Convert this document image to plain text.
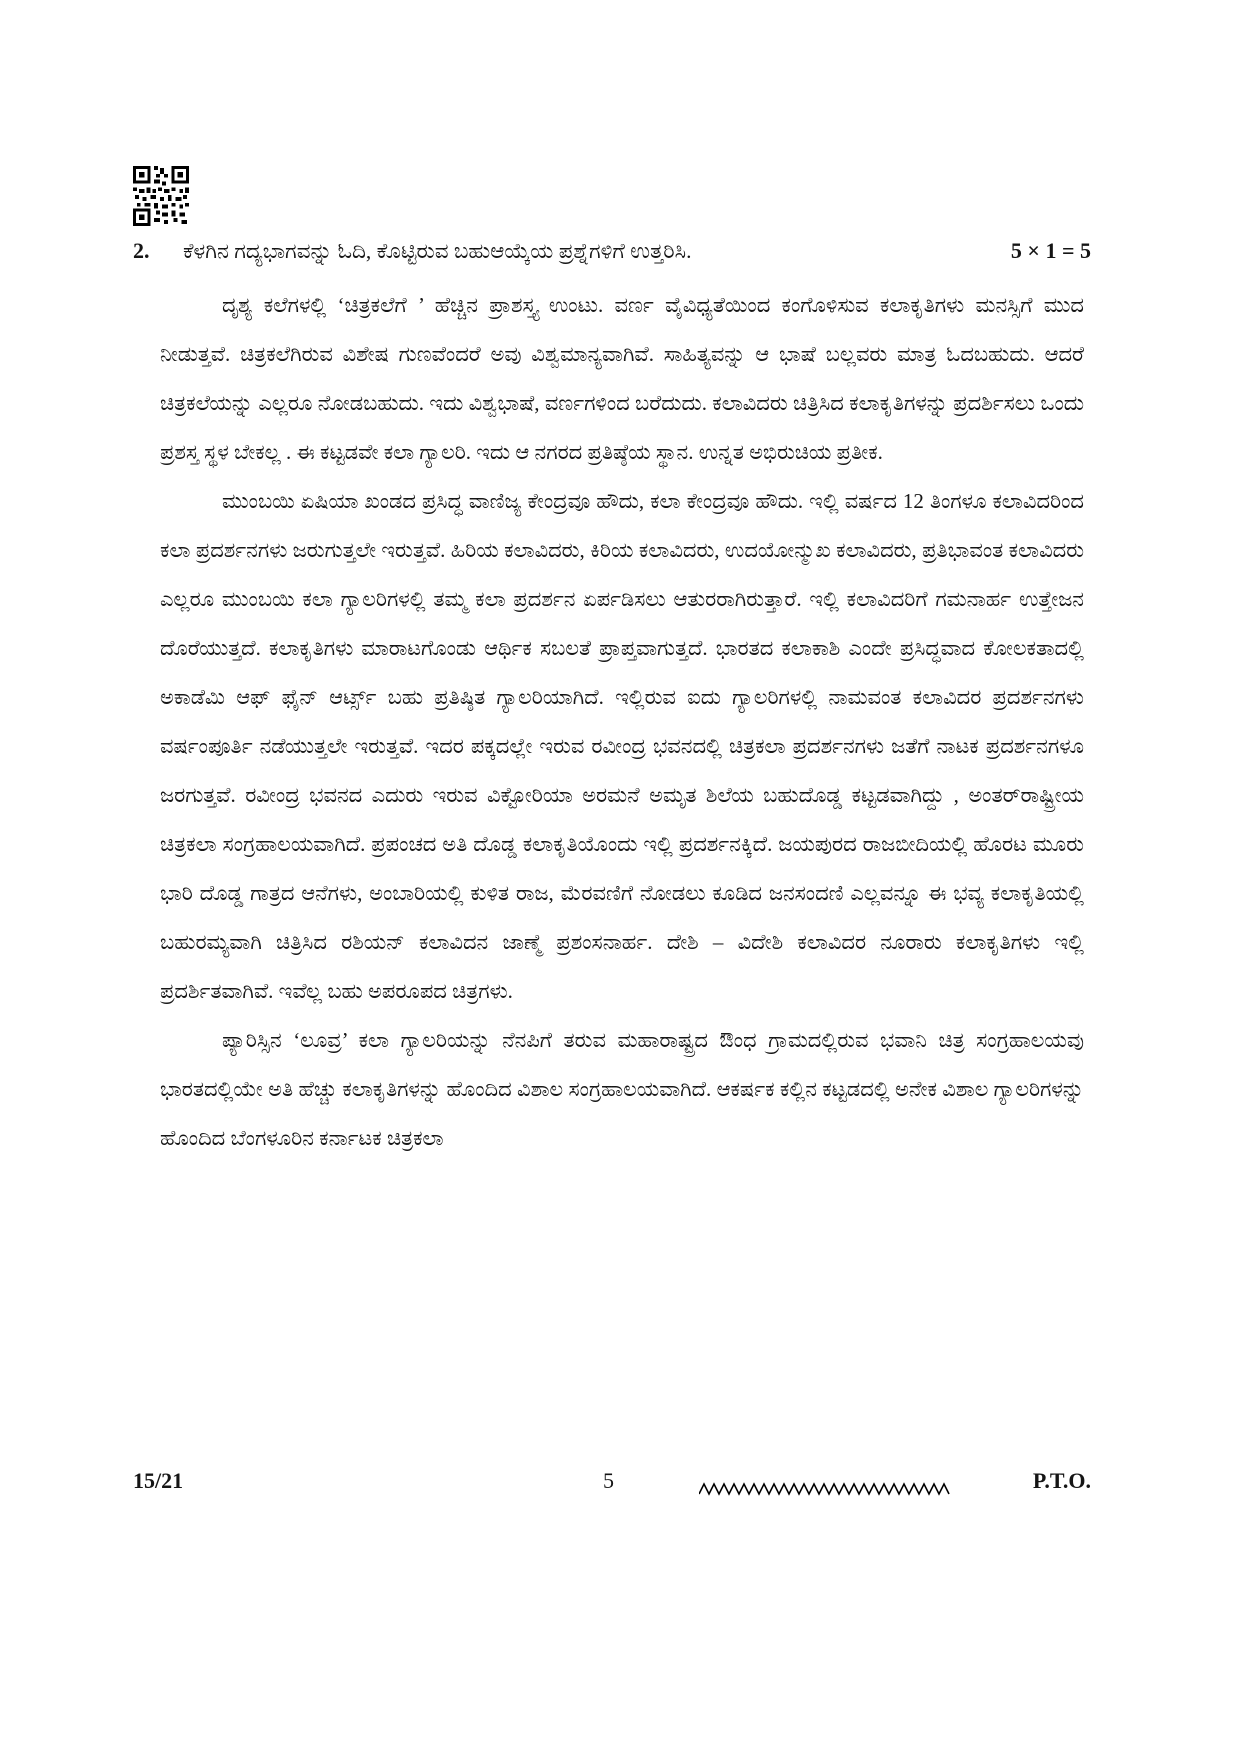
2.	ಕೆಳಗಿನ ಗದ್ಯಭಾಗವನ್ನು ಓದಿ, ಕೊಟ್ಟಿರುವ ಬಹುಆಯ್ಕೆಯ ಪ್ರಶ್ನೆಗಳಿಗೆ ಉತ್ತರಿಸಿ.	5 × 1 = 5

ದೃಶ್ಯ ಕಲೆಗಳಲ್ಲಿ ‘ಚಿತ್ರಕಲೆಗೆ ’ ಹೆಚ್ಚಿನ ಪ್ರಾಶಸ್ತ್ಯ ಉಂಟು. ವರ್ಣ ವೈವಿಧ್ಯತೆಯಿಂದ ಕಂಗೊಳಿಸುವ ಕಲಾಕೃತಿಗಳು ಮನಸ್ಸಿಗೆ ಮುದ ನೀಡುತ್ತವೆ. ಚಿತ್ರಕಲೆಗಿರುವ ವಿಶೇಷ ಗುಣವೆಂದರೆ ಅವು ವಿಶ್ವಮಾನ್ಯವಾಗಿವೆ. ಸಾಹಿತ್ಯವನ್ನು ಆ ಭಾಷೆ ಬಲ್ಲವರು ಮಾತ್ರ ಓದಬಹುದು. ಆದರೆ ಚಿತ್ರಕಲೆಯನ್ನು ಎಲ್ಲರೂ ನೋಡಬಹುದು. ಇದು ವಿಶ್ವಭಾಷೆ, ವರ್ಣಗಳಿಂದ ಬರೆದುದು. ಕಲಾವಿದರು ಚಿತ್ರಿಸಿದ ಕಲಾಕೃತಿಗಳನ್ನು ಪ್ರದರ್ಶಿಸಲು ಒಂದು ಪ್ರಶಸ್ತ ಸ್ಥಳ ಬೇಕಲ್ಲ . ಈ ಕಟ್ಟಡವೇ ಕಲಾ ಗ್ಯಾಲರಿ. ಇದು ಆ ನಗರದ ಪ್ರತಿಷ್ಠೆಯ ಸ್ಥಾನ. ಉನ್ನತ ಅಭಿರುಚಿಯ ಪ್ರತೀಕ.

ಮುಂಬಯಿ ಏಷಿಯಾ ಖಂಡದ ಪ್ರಸಿದ್ಧ ವಾಣಿಜ್ಯ ಕೇಂದ್ರವೂ ಹೌದು, ಕಲಾ ಕೇಂದ್ರವೂ ಹೌದು. ಇಲ್ಲಿ ವರ್ಷದ 12 ತಿಂಗಳೂ ಕಲಾವಿದರಿಂದ ಕಲಾ ಪ್ರದರ್ಶನಗಳು ಜರುಗುತ್ತಲೇ ಇರುತ್ತವೆ. ಹಿರಿಯ ಕಲಾವಿದರು, ಕಿರಿಯ ಕಲಾವಿದರು, ಉದಯೋನ್ಮುಖ ಕಲಾವಿದರು, ಪ್ರತಿಭಾವಂತ ಕಲಾವಿದರು ಎಲ್ಲರೂ ಮುಂಬಯಿ ಕಲಾ ಗ್ಯಾಲರಿಗಳಲ್ಲಿ ತಮ್ಮ ಕಲಾ ಪ್ರದರ್ಶನ ಏರ್ಪಡಿಸಲು ಆತುರರಾಗಿರುತ್ತಾರೆ. ಇಲ್ಲಿ ಕಲಾವಿದರಿಗೆ ಗಮನಾರ್ಹ ಉತ್ತೇಜನ ದೊರೆಯುತ್ತದೆ. ಕಲಾಕೃತಿಗಳು ಮಾರಾಟಗೊಂಡು ಆರ್ಥಿಕ ಸಬಲತೆ ಪ್ರಾಪ್ತವಾಗುತ್ತದೆ. ಭಾರತದ ಕಲಾಕಾಶಿ ಎಂದೇ ಪ್ರಸಿದ್ಧವಾದ ಕೋಲಕತಾದಲ್ಲಿ ಅಕಾಡೆಮಿ ಆಫ್ ಫೈನ್ ಆರ್ಟ್ಸ್ ಬಹು ಪ್ರತಿಷ್ಠಿತ ಗ್ಯಾಲರಿಯಾಗಿದೆ. ಇಲ್ಲಿರುವ ಐದು ಗ್ಯಾಲರಿಗಳಲ್ಲಿ ನಾಮವಂತ ಕಲಾವಿದರ ಪ್ರದರ್ಶನಗಳು ವರ್ಷಂಪೂರ್ತಿ ನಡೆಯುತ್ತಲೇ ಇರುತ್ತವೆ. ಇದರ ಪಕ್ಕದಲ್ಲೇ ಇರುವ ರವೀಂದ್ರ ಭವನದಲ್ಲಿ ಚಿತ್ರಕಲಾ ಪ್ರದರ್ಶನಗಳು ಜತೆಗೆ ನಾಟಕ ಪ್ರದರ್ಶನಗಳೂ ಜರಗುತ್ತವೆ. ರವೀಂದ್ರ ಭವನದ ಎದುರು ಇರುವ ವಿಕ್ಟೋರಿಯಾ ಅರಮನೆ ಅಮೃತ ಶಿಲೆಯ ಬಹುದೊಡ್ಡ ಕಟ್ಟಡವಾಗಿದ್ದು , ಅಂತರ್‌ರಾಷ್ಟ್ರೀಯ ಚಿತ್ರಕಲಾ ಸಂಗ್ರಹಾಲಯವಾಗಿದೆ. ಪ್ರಪಂಚದ ಅತಿ ದೊಡ್ಡ ಕಲಾಕೃತಿಯೊಂದು ಇಲ್ಲಿ ಪ್ರದರ್ಶನಕ್ಕಿದೆ. ಜಯಪುರದ ರಾಜಬೀದಿಯಲ್ಲಿ ಹೊರಟ ಮೂರು ಭಾರಿ ದೊಡ್ಡ ಗಾತ್ರದ ಆನೆಗಳು, ಅಂಬಾರಿಯಲ್ಲಿ ಕುಳಿತ ರಾಜ, ಮೆರವಣಿಗೆ ನೋಡಲು ಕೂಡಿದ ಜನಸಂದಣಿ ಎಲ್ಲವನ್ನೂ ಈ ಭವ್ಯ ಕಲಾಕೃತಿಯಲ್ಲಿ ಬಹುರಮ್ಯವಾಗಿ ಚಿತ್ರಿಸಿದ ರಶಿಯನ್ ಕಲಾವಿದನ ಜಾಣ್ಮೆ ಪ್ರಶಂಸನಾರ್ಹ. ದೇಶಿ – ವಿದೇಶಿ ಕಲಾವಿದರ ನೂರಾರು ಕಲಾಕೃತಿಗಳು ಇಲ್ಲಿ ಪ್ರದರ್ಶಿತವಾಗಿವೆ. ಇವೆಲ್ಲ ಬಹು ಅಪರೂಪದ ಚಿತ್ರಗಳು.

ಪ್ಯಾರಿಸ್ಸಿನ ‘ಲೂವ್ರ’ ಕಲಾ ಗ್ಯಾಲರಿಯನ್ನು ನೆನಪಿಗೆ ತರುವ ಮಹಾರಾಷ್ಟ್ರದ ಔಂಧ ಗ್ರಾಮದಲ್ಲಿರುವ ಭವಾನಿ ಚಿತ್ರ ಸಂಗ್ರಹಾಲಯವು ಭಾರತದಲ್ಲಿಯೇ ಅತಿ ಹೆಚ್ಚು ಕಲಾಕೃತಿಗಳನ್ನು ಹೊಂದಿದ ವಿಶಾಲ ಸಂಗ್ರಹಾಲಯವಾಗಿದೆ. ಆಕರ್ಷಕ ಕಲ್ಲಿನ ಕಟ್ಟಡದಲ್ಲಿ ಅನೇಕ ವಿಶಾಲ ಗ್ಯಾಲರಿಗಳನ್ನು ಹೊಂದಿದ ಬೆಂಗಳೂರಿನ ಕರ್ನಾಟಕ ಚಿತ್ರಕಲಾ

15/21	5	P.T.O.
